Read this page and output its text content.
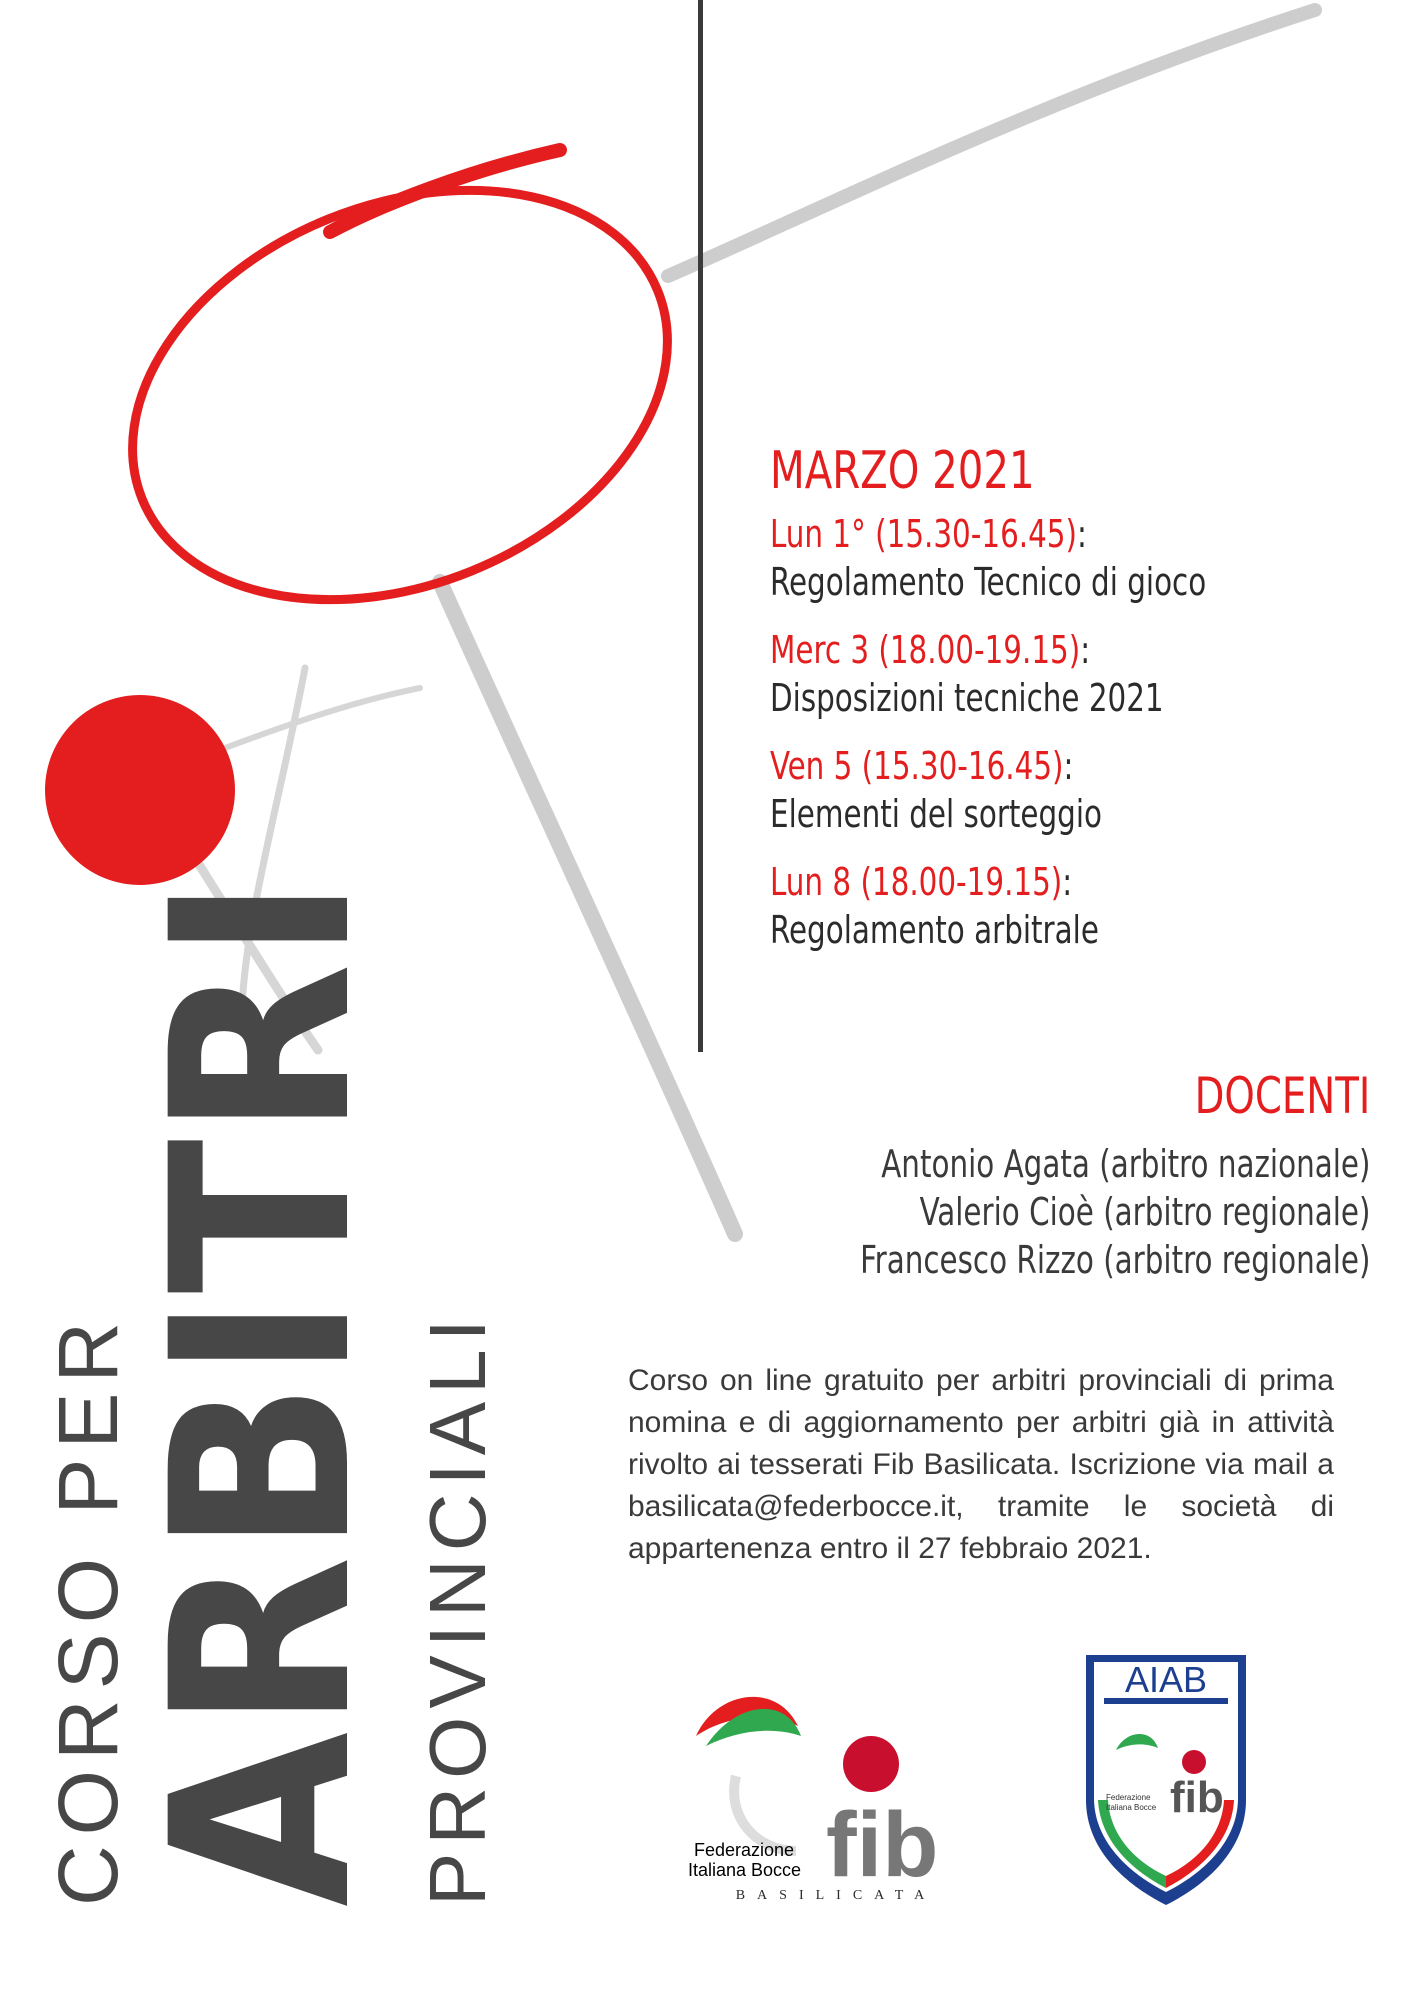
CORSO PER
ARBITRI PROVINCIALI
MARZO 2021
Lun 1° (15.30-16.45):
Regolamento Tecnico di gioco
Merc 3 (18.00-19.15):
Disposizioni tecniche 2021
Ven 5 (15.30-16.45):
Elementi del sorteggio
Lun 8 (18.00-19.15):
Regolamento arbitrale
DOCENTI
Antonio Agata (arbitro nazionale)
Valerio Cioè (arbitro regionale)
Francesco Rizzo (arbitro regionale)
Corso on line gratuito per arbitri provinciali di prima nomina e di aggiornamento per arbitri già in attività rivolto ai tesserati Fib Basilicata. Iscrizione via mail a basilicata@federbocce.it, tramite le società di appartenenza entro il 27 febbraio 2021.
Federazione
Italiana Bocce fib
BASILICATA
AIAB
Federazione
Italiana Bocce fib
